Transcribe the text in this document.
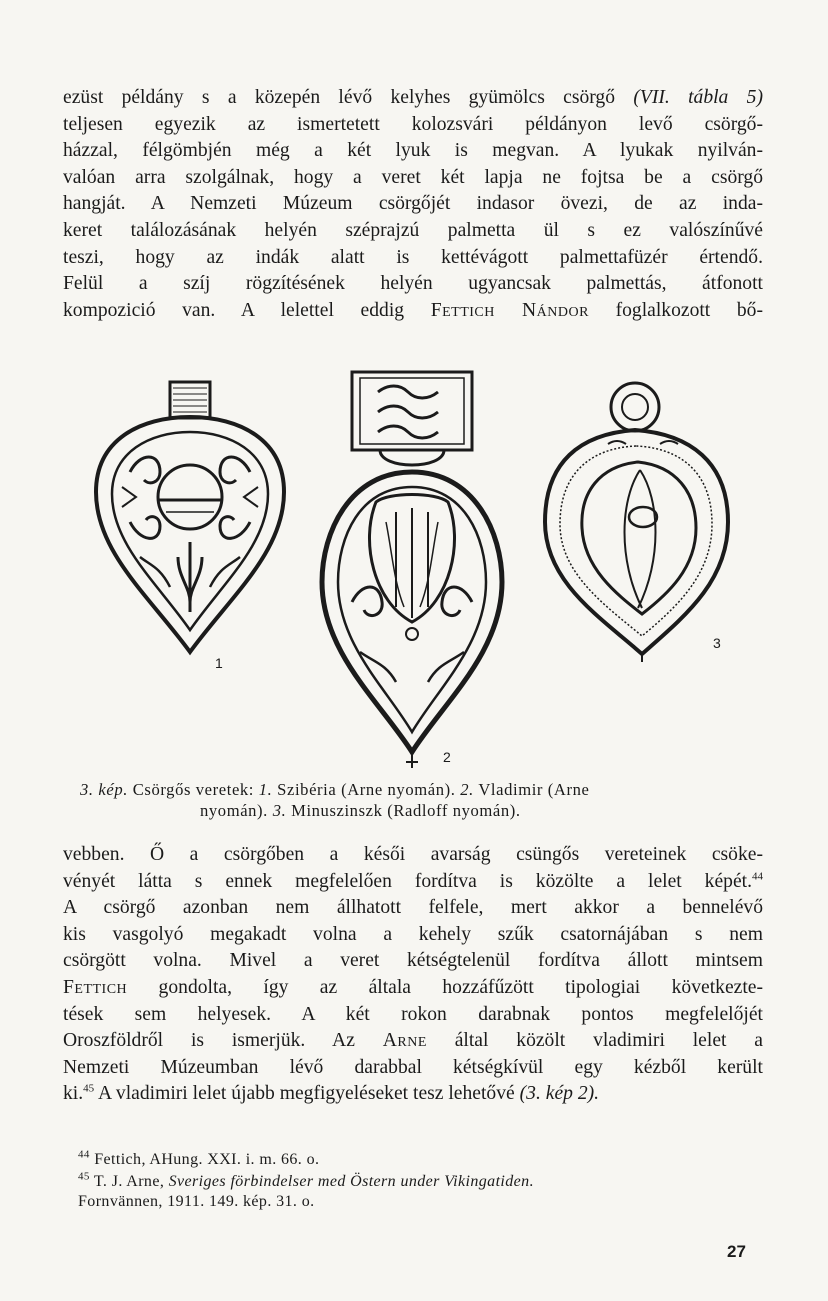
ezüst példány s a közepén lévő kelyhes gyümölcs csörgő (VII. tábla 5)
teljesen egyezik az ismertetett kolozsvári példányon levő csörgő-
házzal, félgömbjén még a két lyuk is megvan. A lyukak nyilván-
valóan arra szolgálnak, hogy a veret két lapja ne fojtsa be a csörgő
hangját. A Nemzeti Múzeum csörgőjét indasor övezi, de az inda-
keret találozásának helyén széprajzú palmetta ül s ez valószínűvé
teszi, hogy az indák alatt is kettévágott palmettafüzér értendő.
Felül a szíj rögzítésének helyén ugyancsak palmettás, átfonott
kompozició van. A lelettel eddig Fettich Nándor foglalkozott bő-
1
2
3
3. kép. Csörgős veretek: 1. Szibéria (Arne nyomán). 2. Vladimir (Arne
nyomán). 3. Minuszinszk (Radloff nyomán).
vebben. Ő a csörgőben a késői avarság csüngős vereteinek csöke-
vényét látta s ennek megfelelően fordítva is közölte a lelet képét.$^{44}$
A csörgő azonban nem állhatott felfele, mert akkor a bennelévő
kis vasgolyó megakadt volna a kehely szűk csatornájában s nem
csörgött volna. Mivel a veret kétségtelenül fordítva állott mintsem
Fettich gondolta, így az általa hozzáfűzött tipologiai következte-
tések sem helyesek. A két rokon darabnak pontos megfelelőjét
Oroszföldről is ismerjük. Az Arne által közölt vladimiri lelet a
Nemzeti Múzeumban lévő darabbal kétségkívül egy kézből került
ki.$^{45}$ A vladimiri lelet újabb megfigyeléseket tesz lehetővé (3. kép 2).
$^{44}$ Fettich, AHung. XXI. i. m. 66. o.
$^{45}$ T. J. Arne, Sveriges förbindelser med Östern under Vikingatiden.
Fornvännen, 1911. 149. kép. 31. o.
27
